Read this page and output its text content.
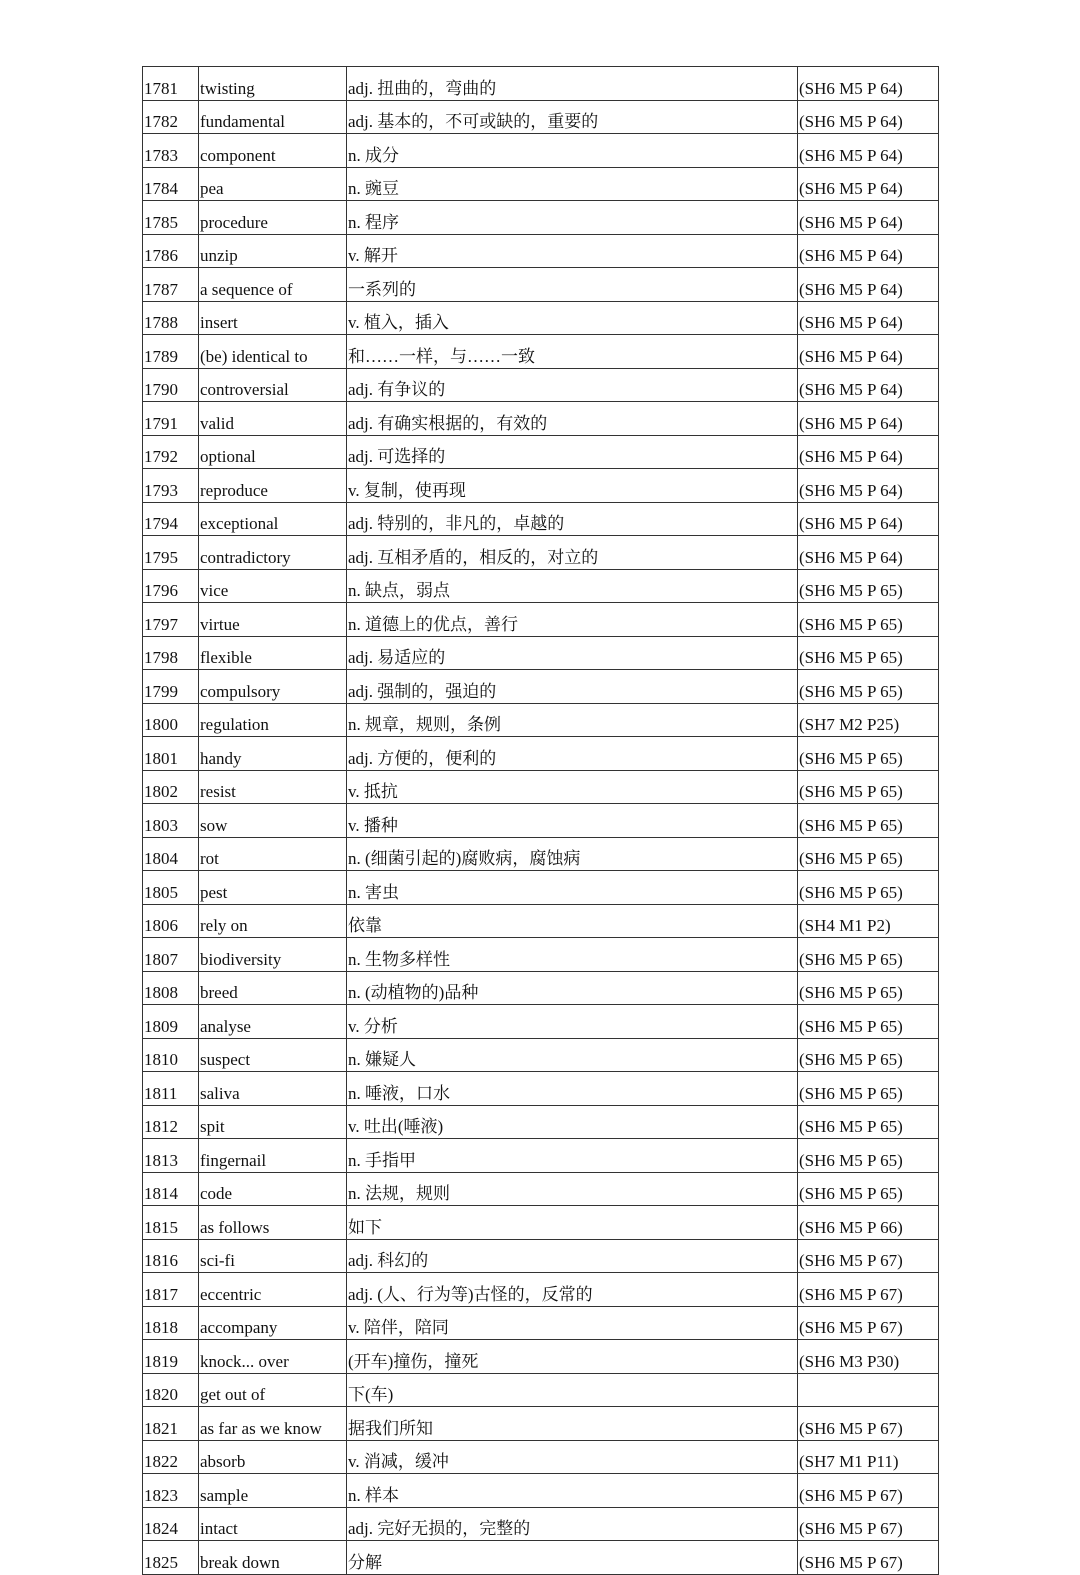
1781	twisting	adj. 扭曲的，弯曲的	(SH6 M5 P 64)
1782	fundamental	adj. 基本的，不可或缺的，重要的	(SH6 M5 P 64)
1783	component	n. 成分	(SH6 M5 P 64)
1784	pea	n. 豌豆	(SH6 M5 P 64)
1785	procedure	n. 程序	(SH6 M5 P 64)
1786	unzip	v. 解开	(SH6 M5 P 64)
1787	a sequence of	一系列的	(SH6 M5 P 64)
1788	insert	v. 植入，插入	(SH6 M5 P 64)
1789	(be) identical to	和……一样，与……一致	(SH6 M5 P 64)
1790	controversial	adj. 有争议的	(SH6 M5 P 64)
1791	valid	adj. 有确实根据的，有效的	(SH6 M5 P 64)
1792	optional	adj. 可选择的	(SH6 M5 P 64)
1793	reproduce	v. 复制，使再现	(SH6 M5 P 64)
1794	exceptional	adj. 特别的，非凡的，卓越的	(SH6 M5 P 64)
1795	contradictory	adj. 互相矛盾的，相反的，对立的	(SH6 M5 P 64)
1796	vice	n. 缺点，弱点	(SH6 M5 P 65)
1797	virtue	n. 道德上的优点，善行	(SH6 M5 P 65)
1798	flexible	adj. 易适应的	(SH6 M5 P 65)
1799	compulsory	adj. 强制的，强迫的	(SH6 M5 P 65)
1800	regulation	n. 规章，规则，条例	(SH7 M2 P25)
1801	handy	adj. 方便的，便利的	(SH6 M5 P 65)
1802	resist	v. 抵抗	(SH6 M5 P 65)
1803	sow	v. 播种	(SH6 M5 P 65)
1804	rot	n. (细菌引起的)腐败病，腐蚀病	(SH6 M5 P 65)
1805	pest	n. 害虫	(SH6 M5 P 65)
1806	rely on	依靠	(SH4 M1 P2)
1807	biodiversity	n. 生物多样性	(SH6 M5 P 65)
1808	breed	n. (动植物的)品种	(SH6 M5 P 65)
1809	analyse	v. 分析	(SH6 M5 P 65)
1810	suspect	n. 嫌疑人	(SH6 M5 P 65)
1811	saliva	n. 唾液，口水	(SH6 M5 P 65)
1812	spit	v. 吐出(唾液)	(SH6 M5 P 65)
1813	fingernail	n. 手指甲	(SH6 M5 P 65)
1814	code	n. 法规，规则	(SH6 M5 P 65)
1815	as follows	如下	(SH6 M5 P 66)
1816	sci-fi	adj. 科幻的	(SH6 M5 P 67)
1817	eccentric	adj. (人、行为等)古怪的，反常的	(SH6 M5 P 67)
1818	accompany	v. 陪伴，陪同	(SH6 M5 P 67)
1819	knock... over	(开车)撞伤，撞死	(SH6 M3 P30)
1820	get out of	下(车)	
1821	as far as we know	据我们所知	(SH6 M5 P 67)
1822	absorb	v. 消减，缓冲	(SH7 M1 P11)
1823	sample	n. 样本	(SH6 M5 P 67)
1824	intact	adj. 完好无损的，完整的	(SH6 M5 P 67)
1825	break down	分解	(SH6 M5 P 67)
